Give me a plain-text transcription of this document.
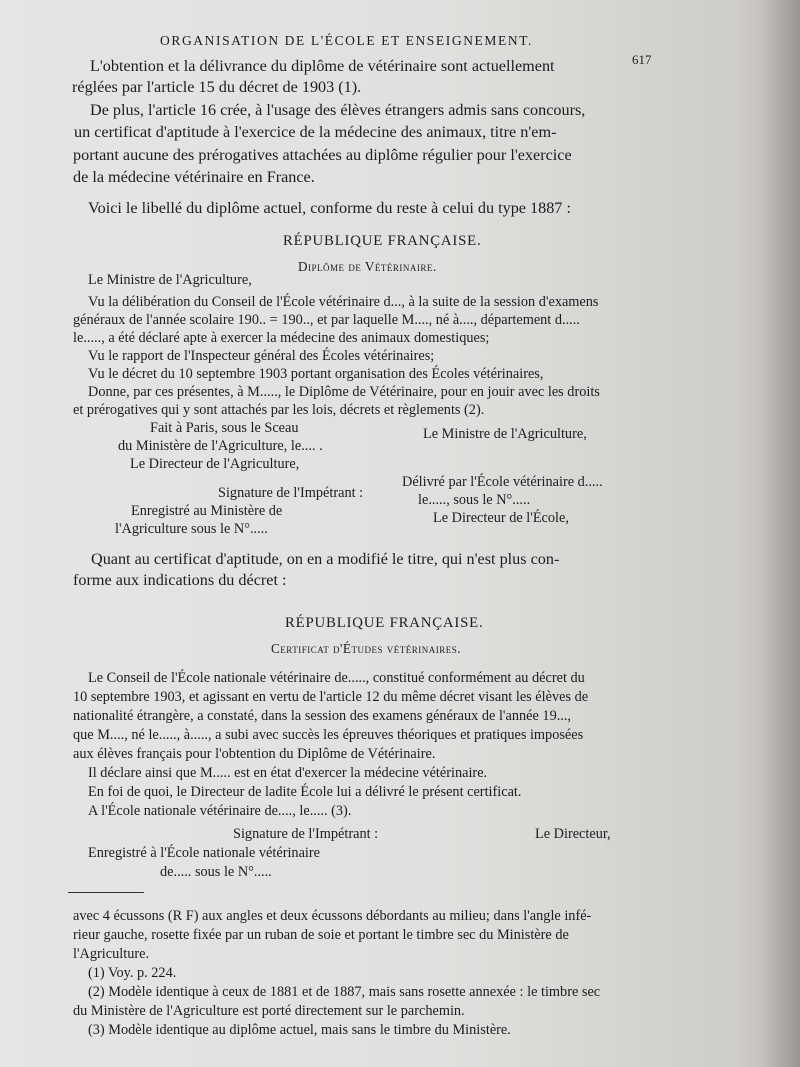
ORGANISATION DE L'ÉCOLE ET ENSEIGNEMENT.
617
L'obtention et la délivrance du diplôme de vétérinaire sont actuellement
réglées par l'article 15 du décret de 1903 (1).
De plus, l'article 16 crée, à l'usage des élèves étrangers admis sans concours,
un certificat d'aptitude à l'exercice de la médecine des animaux, titre n'em-
portant aucune des prérogatives attachées au diplôme régulier pour l'exercice
de la médecine vétérinaire en France.
Voici le libellé du diplôme actuel, conforme du reste à celui du type 1887 :
RÉPUBLIQUE FRANÇAISE.
Diplôme de Vétérinaire.
Le Ministre de l'Agriculture,
Vu la délibération du Conseil de l'École vétérinaire d..., à la suite de la session d'examens
généraux de l'année scolaire 190.. = 190.., et par laquelle M...., né à...., département d.....
le....., a été déclaré apte à exercer la médecine des animaux domestiques;
Vu le rapport de l'Inspecteur général des Écoles vétérinaires;
Vu le décret du 10 septembre 1903 portant organisation des Écoles vétérinaires,
Donne, par ces présentes, à M....., le Diplôme de Vétérinaire, pour en jouir avec les droits
et prérogatives qui y sont attachés par les lois, décrets et règlements (2).
Fait à Paris, sous le Sceau
du Ministère de l'Agriculture, le.... .
Le Directeur de l'Agriculture,
Le Ministre de l'Agriculture,
Délivré par l'École vétérinaire d.....
le....., sous le N°.....
Le Directeur de l'École,
Signature de l'Impétrant :
Enregistré au Ministère de
l'Agriculture sous le N°.....
Quant au certificat d'aptitude, on en a modifié le titre, qui n'est plus con-
forme aux indications du décret :
RÉPUBLIQUE FRANÇAISE.
Certificat d'Études vétérinaires.
Le Conseil de l'École nationale vétérinaire de....., constitué conformément au décret du
10 septembre 1903, et agissant en vertu de l'article 12 du même décret visant les élèves de
nationalité étrangère, a constaté, dans la session des examens généraux de l'année 19...,
que M...., né le....., à....., a subi avec succès les épreuves théoriques et pratiques imposées
aux élèves français pour l'obtention du Diplôme de Vétérinaire.
Il déclare ainsi que M..... est en état d'exercer la médecine vétérinaire.
En foi de quoi, le Directeur de ladite École lui a délivré le présent certificat.
A l'École nationale vétérinaire de...., le..... (3).
Signature de l'Impétrant :	Le Directeur,
Enregistré à l'École nationale vétérinaire
de..... sous le N°.....
avec 4 écussons (R F) aux angles et deux écussons débordants au milieu; dans l'angle infé-
rieur gauche, rosette fixée par un ruban de soie et portant le timbre sec du Ministère de
l'Agriculture.
(1) Voy. p. 224.
(2) Modèle identique à ceux de 1881 et de 1887, mais sans rosette annexée : le timbre sec
du Ministère de l'Agriculture est porté directement sur le parchemin.
(3) Modèle identique au diplôme actuel, mais sans le timbre du Ministère.
